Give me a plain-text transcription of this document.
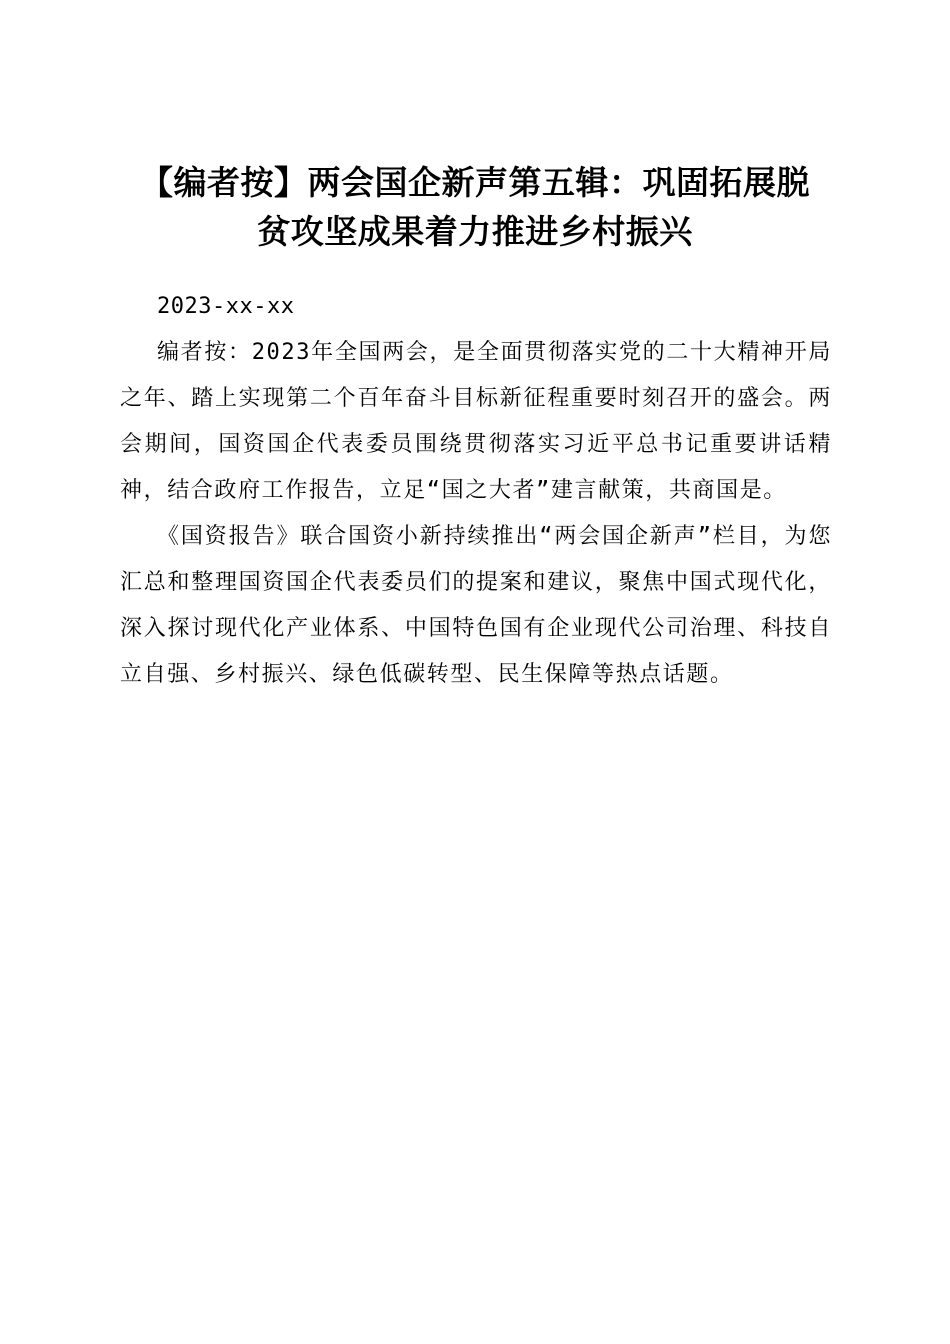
【编者按】两会国企新声第五辑：巩固拓展脱
贫攻坚成果着力推进乡村振兴
2023-xx-xx

编者按：2023年全国两会，是全面贯彻落实党的二十大精神开局之年、踏上实现第二个百年奋斗目标新征程重要时刻召开的盛会。两会期间，国资国企代表委员围绕贯彻落实习近平总书记重要讲话精神，结合政府工作报告，立足“国之大者”建言献策，共商国是。

《国资报告》联合国资小新持续推出“两会国企新声”栏目，为您汇总和整理国资国企代表委员们的提案和建议，聚焦中国式现代化，深入探讨现代化产业体系、中国特色国有企业现代公司治理、科技自立自强、乡村振兴、绿色低碳转型、民生保障等热点话题。
